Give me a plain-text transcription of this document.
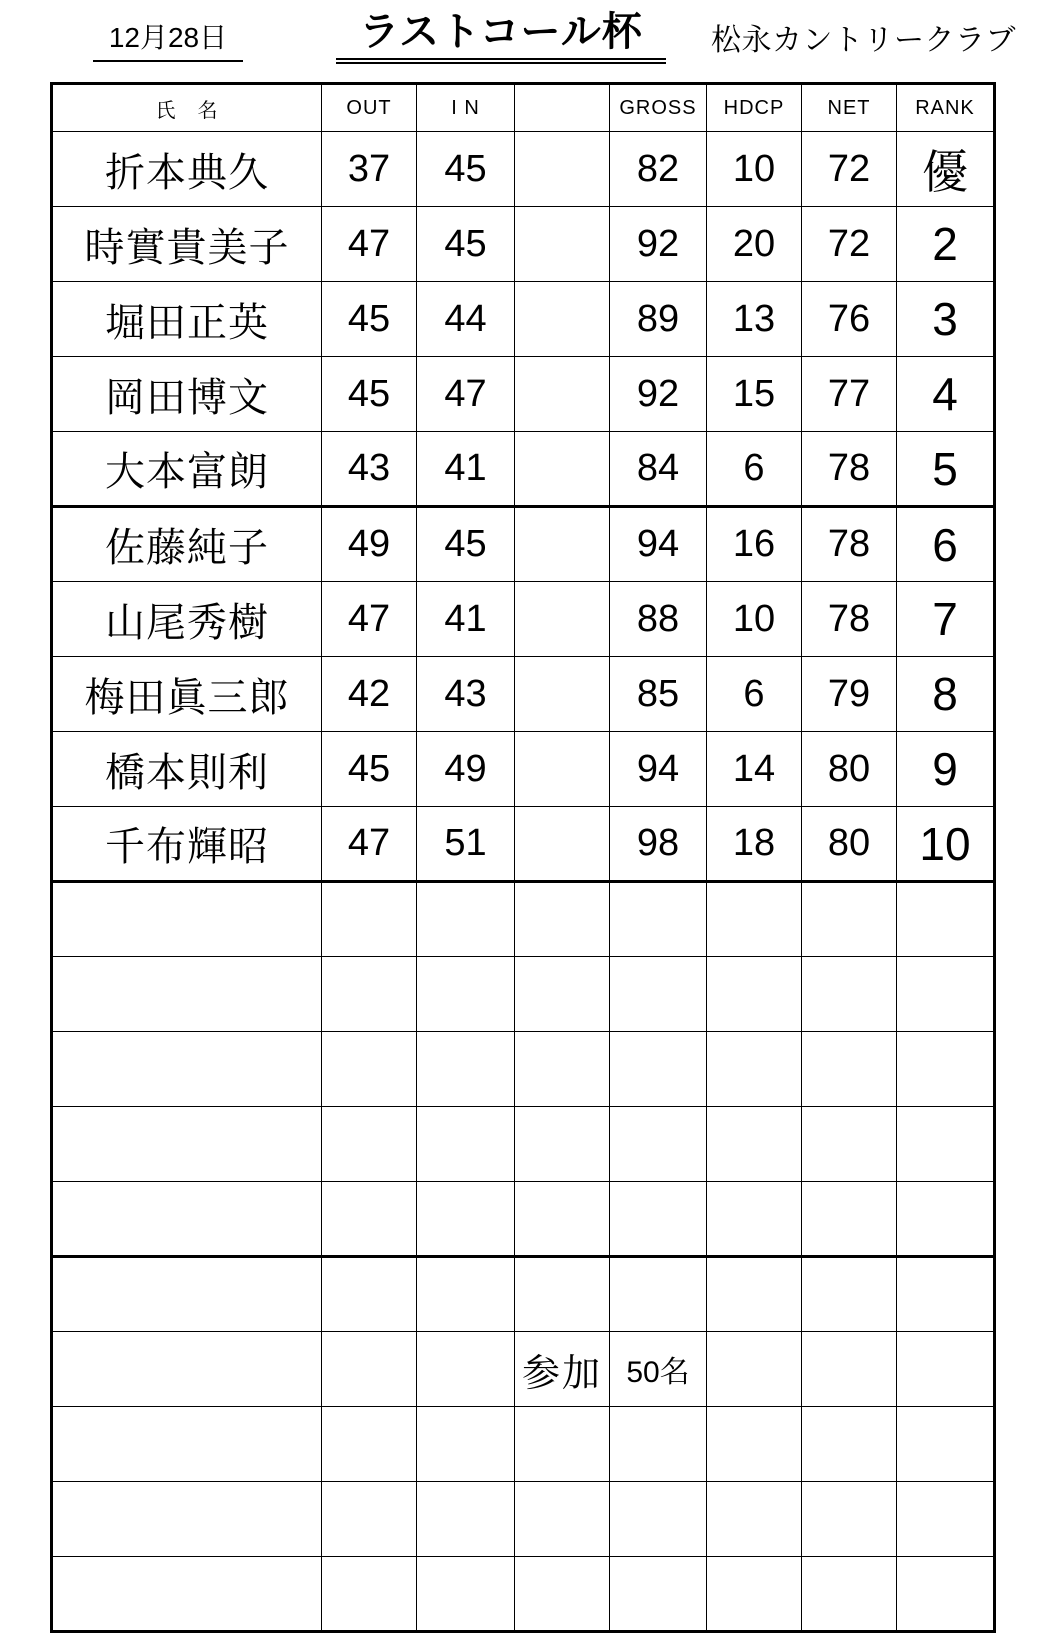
12月28日	ラストコール杯	松永カントリークラブ
氏　名	OUT	I N		GROSS	HDCP	NET	RANK
折本典久	37	45		82	10	72	優
時實貴美子	47	45		92	20	72	2
堀田正英	45	44		89	13	76	3
岡田博文	45	47		92	15	77	4
大本富朗	43	41		84	6	78	5
佐藤純子	49	45		94	16	78	6
山尾秀樹	47	41		88	10	78	7
梅田眞三郎	42	43		85	6	79	8
橋本則利	45	49		94	14	80	9
千布輝昭	47	51		98	18	80	10

			参加	50名			
